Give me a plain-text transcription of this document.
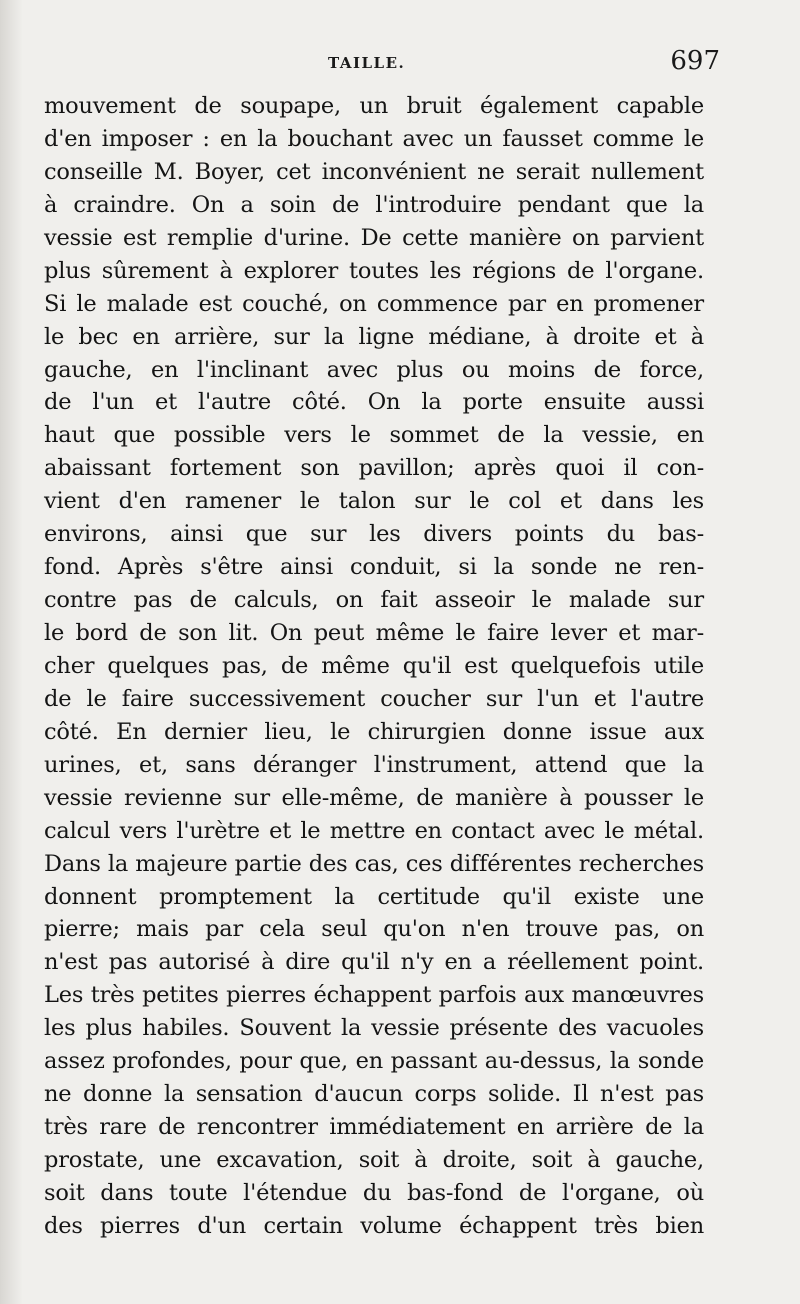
TAILLE.	697
mouvement de soupape, un bruit également capable
d'en imposer : en la bouchant avec un fausset comme le
conseille M. Boyer, cet inconvénient ne serait nullement
à craindre. On a soin de l'introduire pendant que la
vessie est remplie d'urine. De cette manière on parvient
plus sûrement à explorer toutes les régions de l'organe.
Si le malade est couché, on commence par en promener
le bec en arrière, sur la ligne médiane, à droite et à
gauche, en l'inclinant avec plus ou moins de force,
de l'un et l'autre côté. On la porte ensuite aussi
haut que possible vers le sommet de la vessie, en
abaissant fortement son pavillon; après quoi il con-
vient d'en ramener le talon sur le col et dans les
environs, ainsi que sur les divers points du bas-
fond. Après s'être ainsi conduit, si la sonde ne ren-
contre pas de calculs, on fait asseoir le malade sur
le bord de son lit. On peut même le faire lever et mar-
cher quelques pas, de même qu'il est quelquefois utile
de le faire successivement coucher sur l'un et l'autre
côté. En dernier lieu, le chirurgien donne issue aux
urines, et, sans déranger l'instrument, attend que la
vessie revienne sur elle-même, de manière à pousser le
calcul vers l'urètre et le mettre en contact avec le métal.
Dans la majeure partie des cas, ces différentes recherches
donnent promptement la certitude qu'il existe une
pierre; mais par cela seul qu'on n'en trouve pas, on
n'est pas autorisé à dire qu'il n'y en a réellement point.
Les très petites pierres échappent parfois aux manœuvres
les plus habiles. Souvent la vessie présente des vacuoles
assez profondes, pour que, en passant au-dessus, la sonde
ne donne la sensation d'aucun corps solide. Il n'est pas
très rare de rencontrer immédiatement en arrière de la
prostate, une excavation, soit à droite, soit à gauche,
soit dans toute l'étendue du bas-fond de l'organe, où
des pierres d'un certain volume échappent très bien
